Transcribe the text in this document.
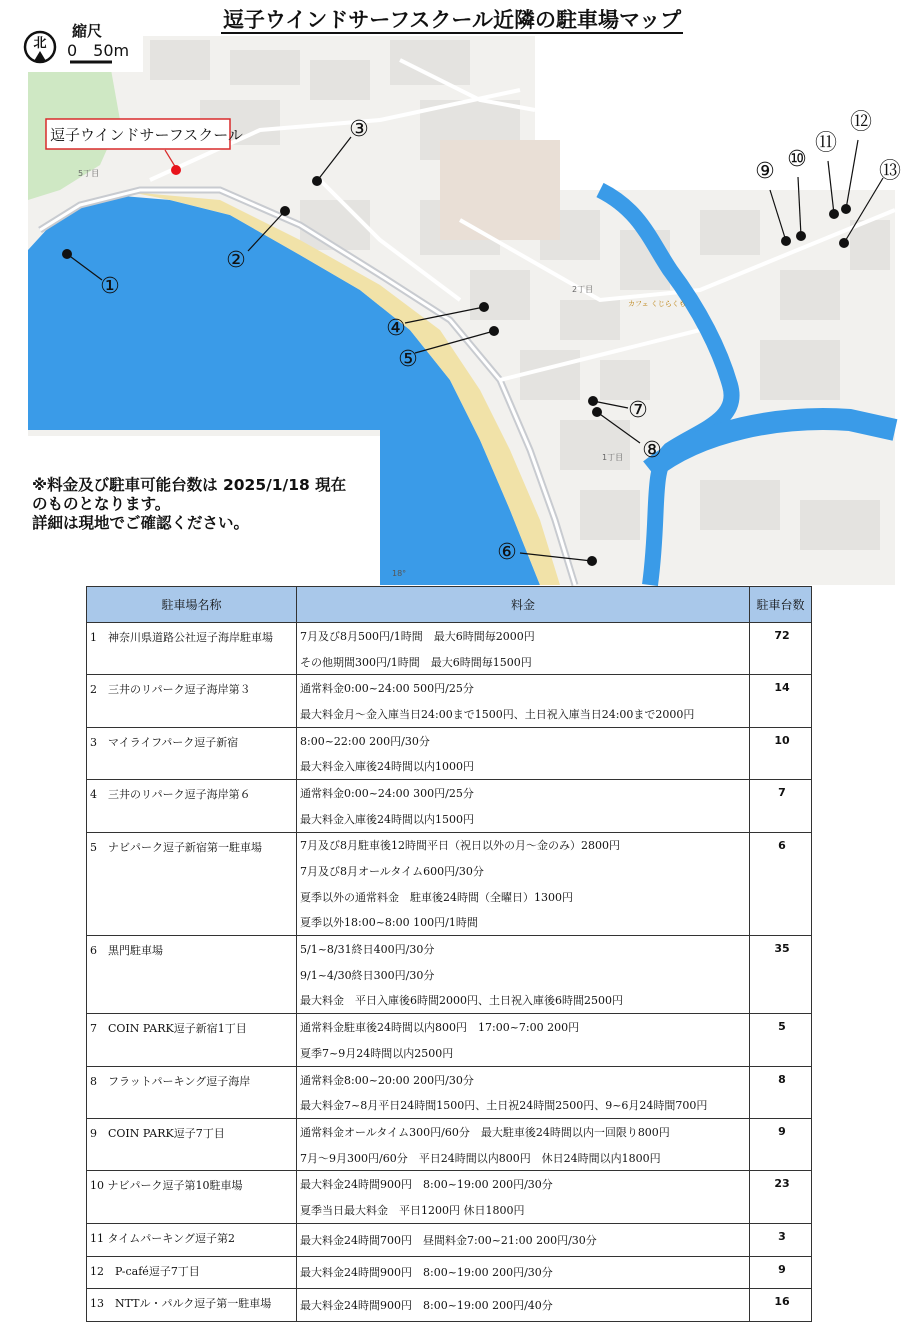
逗子ウインドサーフスクール近隣の駐車場マップ
北
縮尺
0　50m
逗子ウインドサーフスクール
5丁目
2丁目
1丁目
カフェ くじらくも
18°
①
②
③
④
⑤
⑥
⑦
⑧
⑨ ⑩
⑪
⑫
⑬
※料金及び駐車可能台数は 2025/1/18 現在
のものとなります。
詳細は現地でご確認ください。
駐車場名称	料金	駐車台数
1　神奈川県道路公社逗子海岸駐車場	7月及び8月500円/1時間　最大6時間毎2000円	72
	その他期間300円/1時間　最大6時間毎1500円	
2　三井のリパーク逗子海岸第３	通常料金0:00~24:00 500円/25分	14
	最大料金月～金入庫当日24:00まで1500円、土日祝入庫当日24:00まで2000円	
3　マイライフパーク逗子新宿	8:00~22:00 200円/30分	10
	最大料金入庫後24時間以内1000円	
4　三井のリパーク逗子海岸第６	通常料金0:00~24:00 300円/25分	7
	最大料金入庫後24時間以内1500円	
5　ナビパーク逗子新宿第一駐車場	7月及び8月駐車後12時間平日（祝日以外の月～金のみ）2800円	6
	7月及び8月オールタイム600円/30分	
	夏季以外の通常料金　駐車後24時間（全曜日）1300円	
	夏季以外18:00~8:00 100円/1時間	
6　黒門駐車場	5/1~8/31終日400円/30分	35
	9/1~4/30終日300円/30分	
	最大料金　平日入庫後6時間2000円、土日祝入庫後6時間2500円	
7　COIN PARK逗子新宿1丁目	通常料金駐車後24時間以内800円　17:00~7:00 200円	5
	夏季7~9月24時間以内2500円	
8　フラットパーキング逗子海岸	通常料金8:00~20:00 200円/30分	8
	最大料金7~8月平日24時間1500円、土日祝24時間2500円、9~6月24時間700円	
9　COIN PARK逗子7丁目	通常料金オールタイム300円/60分　最大駐車後24時間以内一回限り800円	9
	7月～9月300円/60分　平日24時間以内800円　休日24時間以内1800円	
10 ナビパーク逗子第10駐車場	最大料金24時間900円　8:00~19:00 200円/30分	23
	夏季当日最大料金　平日1200円 休日1800円	
11 タイムパーキング逗子第2	最大料金24時間700円　昼間料金7:00~21:00 200円/30分	3
12　P-café逗子7丁目	最大料金24時間900円　8:00~19:00 200円/30分	9
13　NTTル・パルク逗子第一駐車場	最大料金24時間900円　8:00~19:00 200円/40分	16
